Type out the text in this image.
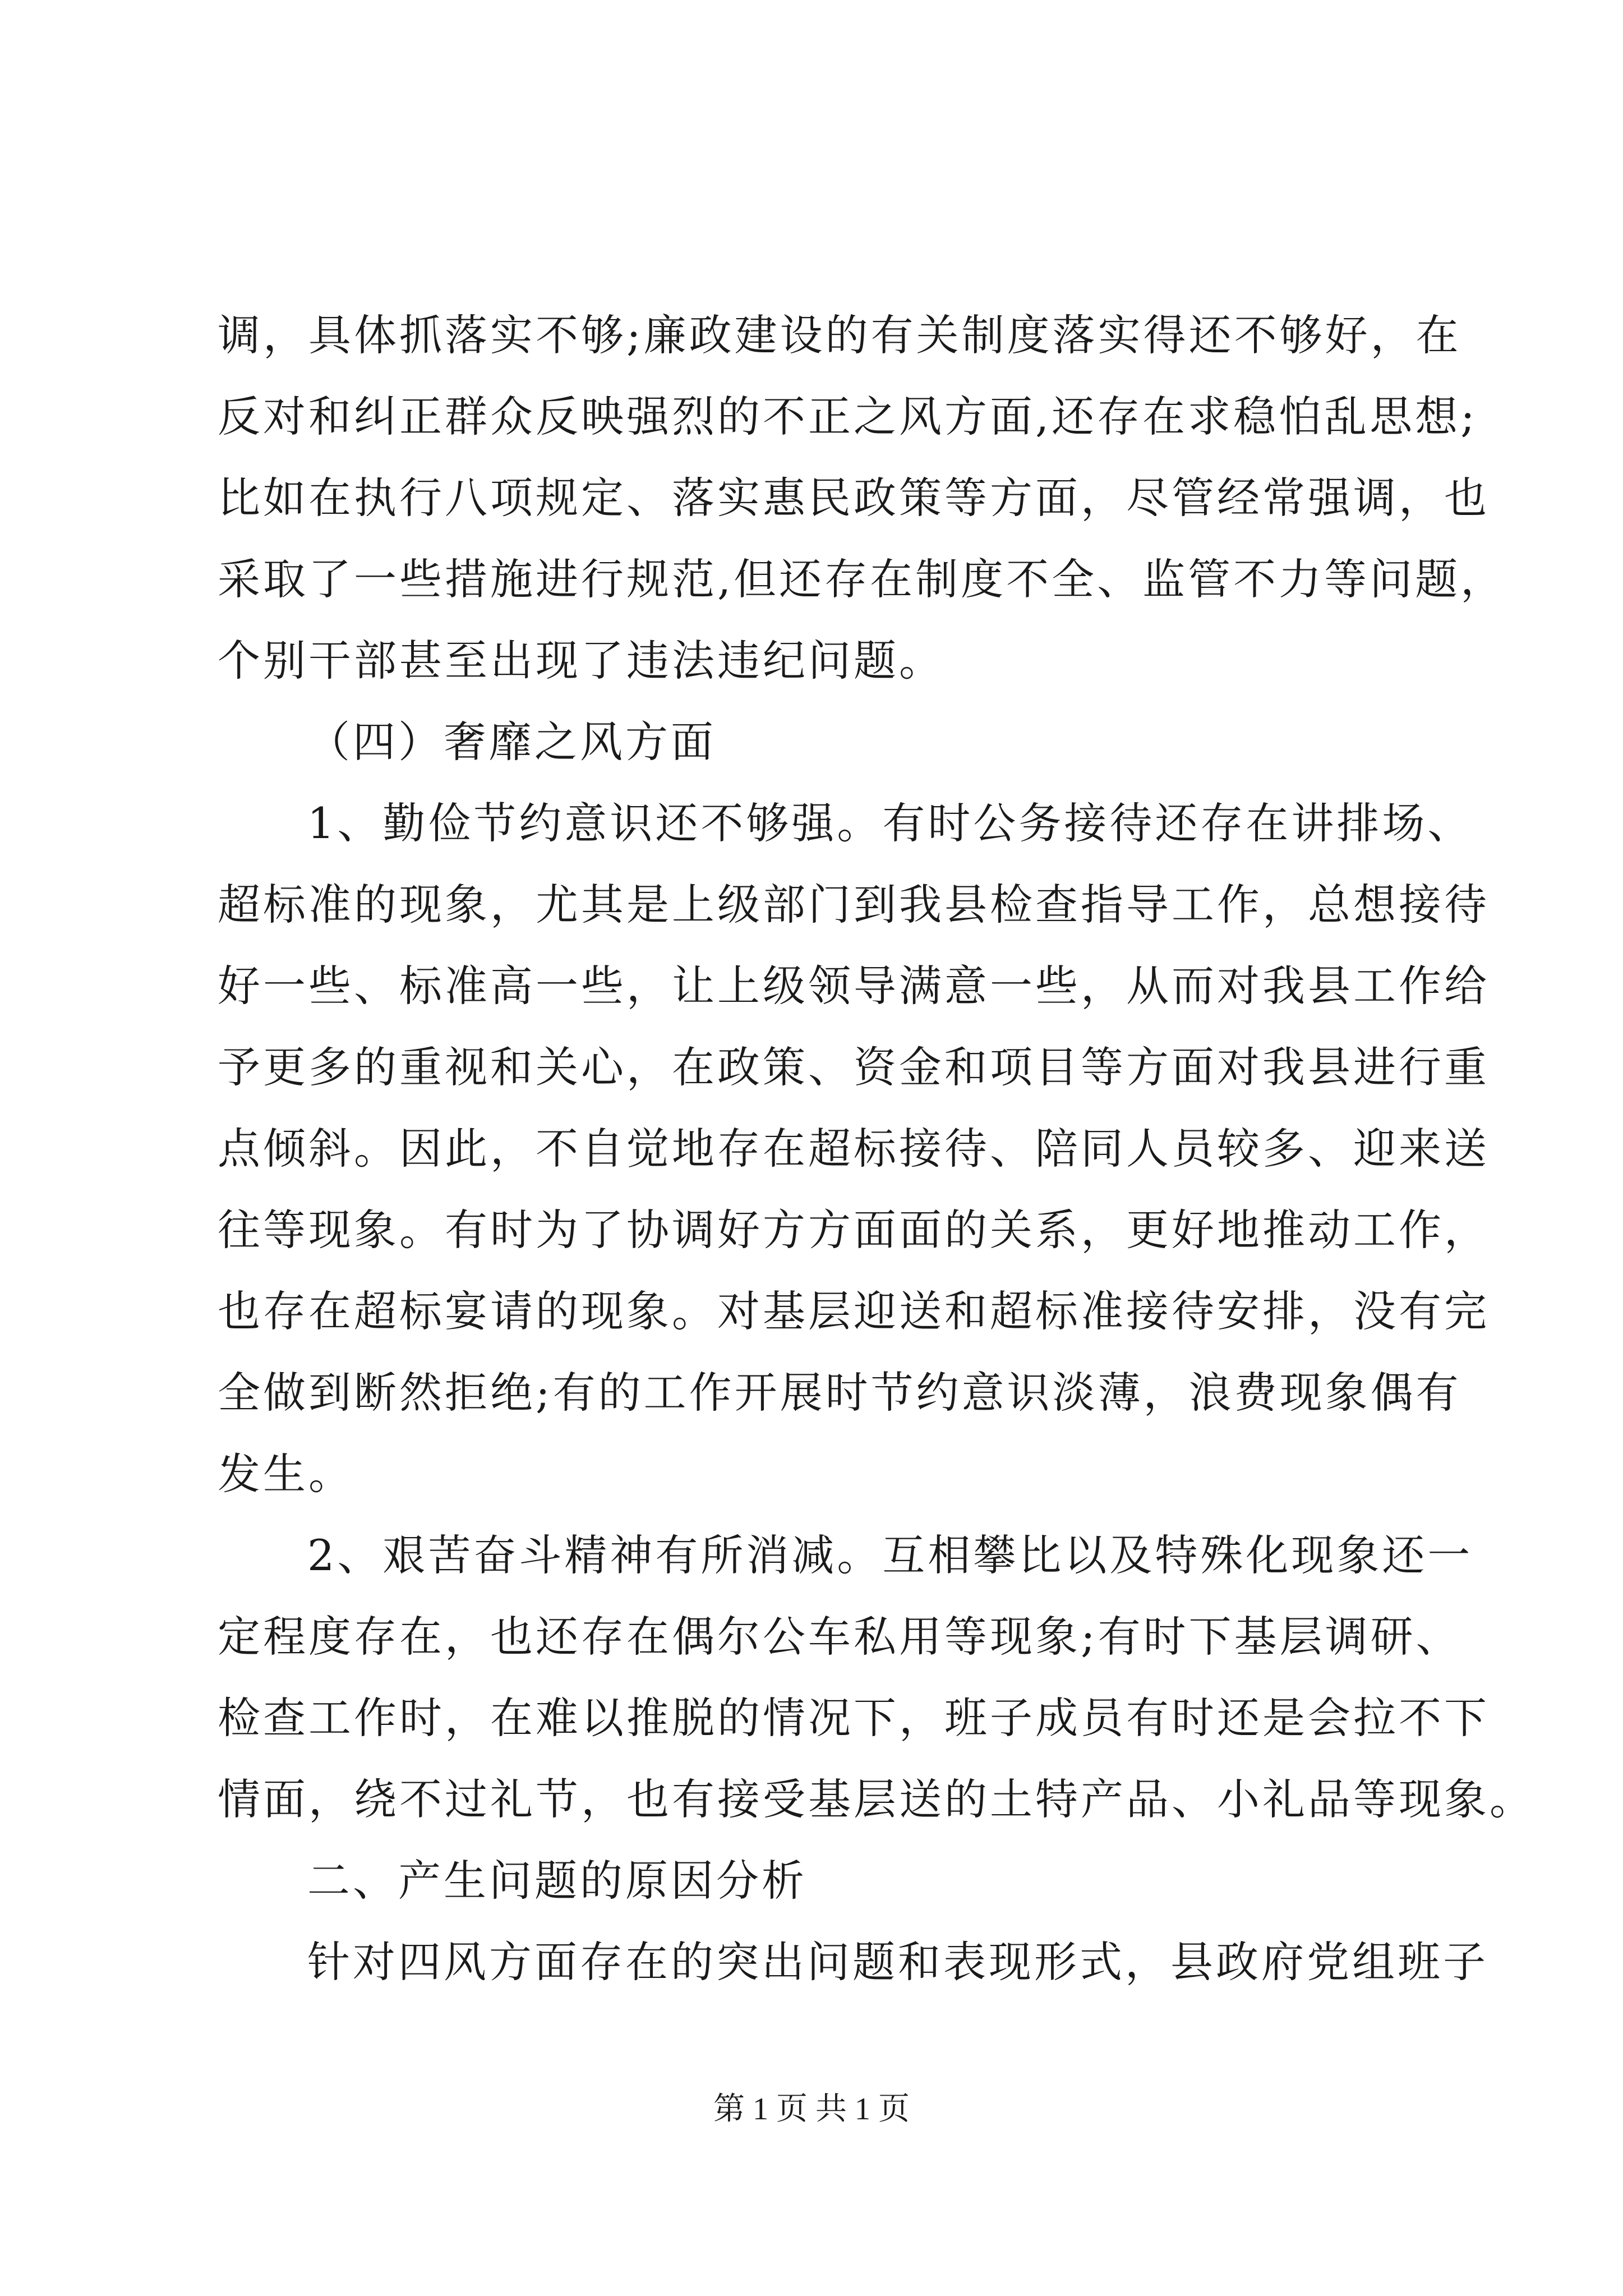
调，具体抓落实不够;廉政建设的有关制度落实得还不够好，在

反对和纠正群众反映强烈的不正之风方面,还存在求稳怕乱思想;

比如在执行八项规定、落实惠民政策等方面，尽管经常强调，也

采取了一些措施进行规范,但还存在制度不全、监管不力等问题，

个别干部甚至出现了违法违纪问题。

（四）奢靡之风方面

1、勤俭节约意识还不够强。有时公务接待还存在讲排场、

超标准的现象，尤其是上级部门到我县检查指导工作，总想接待

好一些、标准高一些，让上级领导满意一些，从而对我县工作给

予更多的重视和关心，在政策、资金和项目等方面对我县进行重

点倾斜。因此，不自觉地存在超标接待、陪同人员较多、迎来送

往等现象。有时为了协调好方方面面的关系，更好地推动工作，

也存在超标宴请的现象。对基层迎送和超标准接待安排，没有完

全做到断然拒绝;有的工作开展时节约意识淡薄，浪费现象偶有

发生。

2、艰苦奋斗精神有所消减。互相攀比以及特殊化现象还一

定程度存在，也还存在偶尔公车私用等现象;有时下基层调研、

检查工作时，在难以推脱的情况下，班子成员有时还是会拉不下

情面，绕不过礼节，也有接受基层送的土特产品、小礼品等现象。

二、产生问题的原因分析

针对四风方面存在的突出问题和表现形式，县政府党组班子

第 1 页 共 1 页
